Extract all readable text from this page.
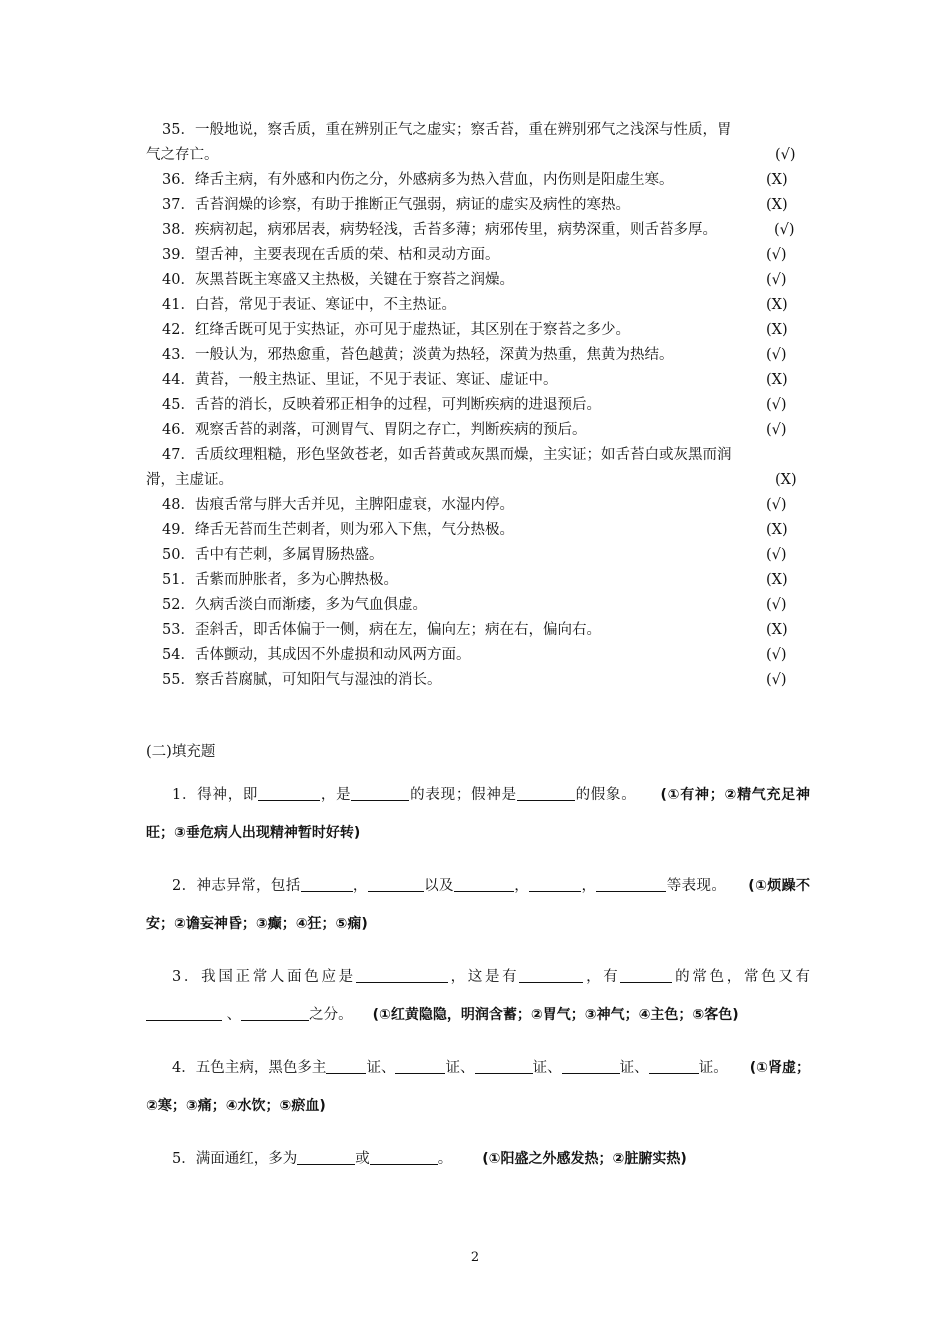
35．一般地说，察舌质，重在辨别正气之虚实；察舌苔，重在辨别邪气之浅深与性质，胃
气之存亡。	(√)
36．绛舌主病，有外感和内伤之分，外感病多为热入营血，内伤则是阳虚生寒。	(X)
37．舌苔润燥的诊察，有助于推断正气强弱，病证的虚实及病性的寒热。	(X)
38．疾病初起，病邪居表，病势轻浅，舌苔多薄；病邪传里，病势深重，则舌苔多厚。	(√)
39．望舌神，主要表现在舌质的荣、枯和灵动方面。	(√)
40．灰黑苔既主寒盛又主热极，关键在于察苔之润燥。	(√)
41．白苔，常见于表证、寒证中，不主热证。	(X)
42．红绛舌既可见于实热证，亦可见于虚热证，其区别在于察苔之多少。	(X)
43．一般认为，邪热愈重，苔色越黄；淡黄为热轻，深黄为热重，焦黄为热结。	(√)
44．黄苔，一般主热证、里证，不见于表证、寒证、虚证中。	(X)
45．舌苔的消长，反映着邪正相争的过程，可判断疾病的进退预后。	(√)
46．观察舌苔的剥落，可测胃气、胃阴之存亡，判断疾病的预后。	(√)
47．舌质纹理粗糙，形色坚敛苍老，如舌苔黄或灰黑而燥，主实证；如舌苔白或灰黑而润
滑，主虚证。	(X)
48．齿痕舌常与胖大舌并见，主脾阳虚衰，水湿内停。	(√)
49．绛舌无苔而生芒刺者，则为邪入下焦，气分热极。	(X)
50．舌中有芒刺，多属胃肠热盛。	(√)
51．舌紫而肿胀者，多为心脾热极。	(X)
52．久病舌淡白而渐痿，多为气血俱虚。	(√)
53．歪斜舌，即舌体偏于一侧，病在左，偏向左；病在右，偏向右。	(X)
54．舌体颤动，其成因不外虚损和动风两方面。	(√)
55．察舌苔腐腻，可知阳气与湿浊的消长。	(√)
(二)填充题
1．得神，即	，是	的表现；假神是	的假象。 (①有神；②精气充足神旺；③垂危病人出现精神暂时好转)
2．神志异常，包括	，	以及	，	，	等表现。 (①烦躁不安；②谵妄神昏；③癫；④狂；⑤痫)
3．我国正常人面色应是	，这是有	，有	的常色，常色又有 、	之分。 (①红黄隐隐，明润含蓄；②胃气；③神气；④主色；⑤客色)
4．五色主病，黑色多主	证、	证、	证、	证、	证。 (①肾虚；②寒；③痛；④水饮；⑤瘀血)
5．满面通红，多为	或	。 (①阳盛之外感发热；②脏腑实热)
2
